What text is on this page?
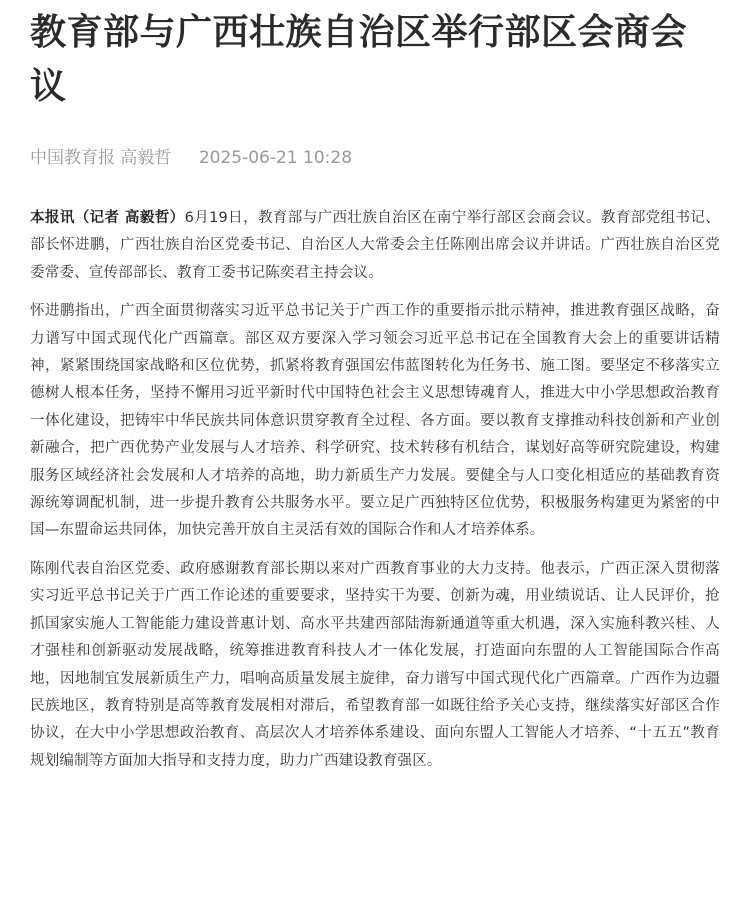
教育部与广西壮族自治区举行部区会商会议
中国教育报 高毅哲 2025-06-21 10:28

本报讯（记者 高毅哲）6月19日，教育部与广西壮族自治区在南宁举行部区会商会议。教育部党组书记、部长怀进鹏，广西壮族自治区党委书记、自治区人大常委会主任陈刚出席会议并讲话。广西壮族自治区党委常委、宣传部部长、教育工委书记陈奕君主持会议。

怀进鹏指出，广西全面贯彻落实习近平总书记关于广西工作的重要指示批示精神，推进教育强区战略，奋力谱写中国式现代化广西篇章。部区双方要深入学习领会习近平总书记在全国教育大会上的重要讲话精神，紧紧围绕国家战略和区位优势，抓紧将教育强国宏伟蓝图转化为任务书、施工图。要坚定不移落实立德树人根本任务，坚持不懈用习近平新时代中国特色社会主义思想铸魂育人，推进大中小学思想政治教育一体化建设，把铸牢中华民族共同体意识贯穿教育全过程、各方面。要以教育支撑推动科技创新和产业创新融合，把广西优势产业发展与人才培养、科学研究、技术转移有机结合，谋划好高等研究院建设，构建服务区域经济社会发展和人才培养的高地，助力新质生产力发展。要健全与人口变化相适应的基础教育资源统筹调配机制，进一步提升教育公共服务水平。要立足广西独特区位优势，积极服务构建更为紧密的中国—东盟命运共同体，加快完善开放自主灵活有效的国际合作和人才培养体系。

陈刚代表自治区党委、政府感谢教育部长期以来对广西教育事业的大力支持。他表示，广西正深入贯彻落实习近平总书记关于广西工作论述的重要要求，坚持实干为要、创新为魂，用业绩说话、让人民评价，抢抓国家实施人工智能能力建设普惠计划、高水平共建西部陆海新通道等重大机遇，深入实施科教兴桂、人才强桂和创新驱动发展战略，统筹推进教育科技人才一体化发展，打造面向东盟的人工智能国际合作高地，因地制宜发展新质生产力，唱响高质量发展主旋律，奋力谱写中国式现代化广西篇章。广西作为边疆民族地区，教育特别是高等教育发展相对滞后，希望教育部一如既往给予关心支持，继续落实好部区合作协议，在大中小学思想政治教育、高层次人才培养体系建设、面向东盟人工智能人才培养、“十五五”教育规划编制等方面加大指导和支持力度，助力广西建设教育强区。
